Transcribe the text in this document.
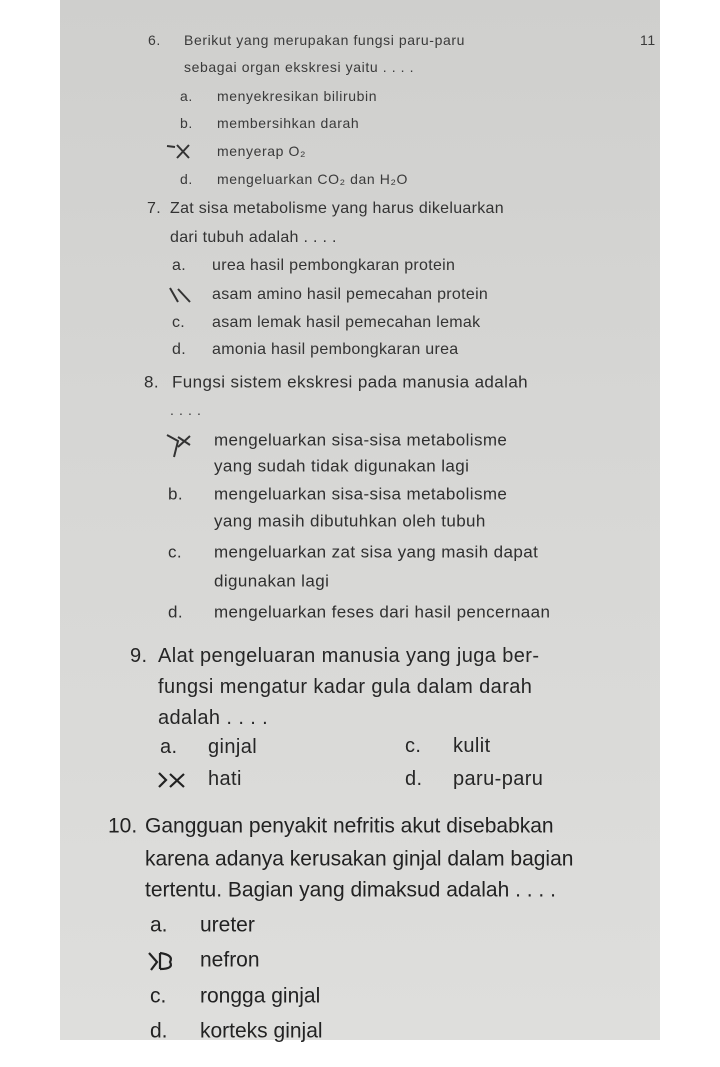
11
6. Berikut yang merupakan fungsi paru-paru
sebagai organ ekskresi yaitu . . . .
a. menyekresikan bilirubin
b. membersihkan darah
menyerap O₂
d. mengeluarkan CO₂ dan H₂O
7. Zat sisa metabolisme yang harus dikeluarkan
dari tubuh adalah . . . .
a. urea hasil pembongkaran protein
asam amino hasil pemecahan protein
c. asam lemak hasil pemecahan lemak
d. amonia hasil pembongkaran urea
8. Fungsi sistem ekskresi pada manusia adalah
. . . .
mengeluarkan sisa-sisa metabolisme
yang sudah tidak digunakan lagi
b. mengeluarkan sisa-sisa metabolisme
yang masih dibutuhkan oleh tubuh
c. mengeluarkan zat sisa yang masih dapat
digunakan lagi
d. mengeluarkan feses dari hasil pencernaan
9. Alat pengeluaran manusia yang juga ber-
fungsi mengatur kadar gula dalam darah
adalah . . . .
a. ginjal
hati
c. kulit
d. paru-paru
10. Gangguan penyakit nefritis akut disebabkan
karena adanya kerusakan ginjal dalam bagian
tertentu. Bagian yang dimaksud adalah . . . .
a. ureter
nefron
c. rongga ginjal
d. korteks ginjal
